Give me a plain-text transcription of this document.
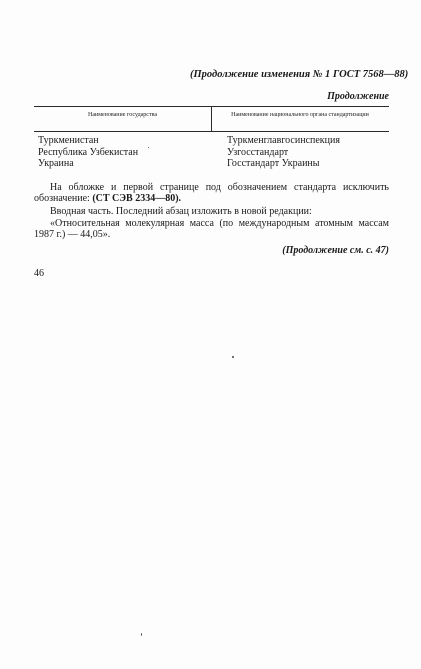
(Продолжение изменения № 1 ГОСТ 7568—88)
Продолжение
Наименование государства	Наименование национального органа стандартизации
Туркменистан	Туркменглавгосинспекция
Республика Узбекистан	Узгосстандарт
Украина	Госстандарт Украины
На обложке и первой странице под обозначением стандарта исключить обозначение: (СТ СЭВ 2334—80).
Вводная часть. Последний абзац изложить в новой редакции:
«Относительная молекулярная масса (по международным атомным массам 1987 г.) — 44,05».
(Продолжение см. с. 47)
46
